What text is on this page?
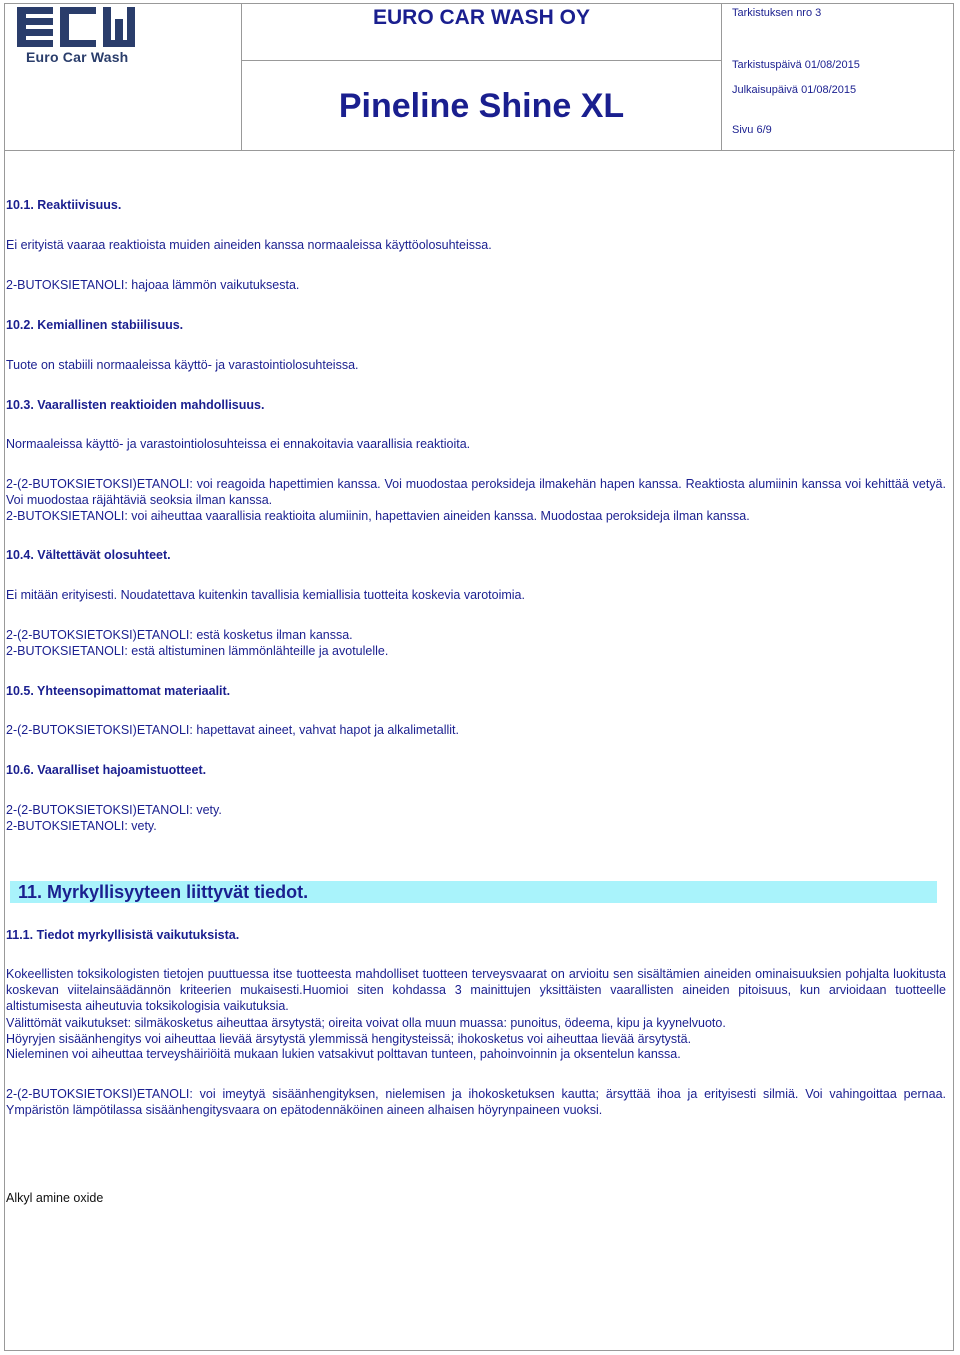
Euro Car Wash
EURO CAR WASH OY
Pineline Shine XL
Tarkistuksen nro 3
Tarkistuspäivä 01/08/2015
Julkaisupäivä 01/08/2015
Sivu 6/9

10.1. Reaktiivisuus.

Ei erityistä vaaraa reaktioista muiden aineiden kanssa normaaleissa käyttöolosuhteissa.

2-BUTOKSIETANOLI: hajoaa lämmön vaikutuksesta.

10.2. Kemiallinen stabiilisuus.

Tuote on stabiili normaaleissa käyttö- ja varastointiolosuhteissa.

10.3. Vaarallisten reaktioiden mahdollisuus.

Normaaleissa käyttö- ja varastointiolosuhteissa ei ennakoitavia vaarallisia reaktioita.

2-(2-BUTOKSIETOKSI)ETANOLI: voi reagoida hapettimien kanssa. Voi muodostaa peroksideja ilmakehän hapen kanssa. Reaktiosta alumiinin kanssa voi kehittää vetyä. Voi muodostaa räjähtäviä seoksia ilman kanssa.

2-BUTOKSIETANOLI: voi aiheuttaa vaarallisia reaktioita alumiinin, hapettavien aineiden kanssa. Muodostaa peroksideja ilman kanssa.

10.4. Vältettävät olosuhteet.

Ei mitään erityisesti. Noudatettava kuitenkin tavallisia kemiallisia tuotteita koskevia varotoimia.

2-(2-BUTOKSIETOKSI)ETANOLI: estä kosketus ilman kanssa.

2-BUTOKSIETANOLI: estä altistuminen lämmönlähteille ja avotulelle.

10.5. Yhteensopimattomat materiaalit.

2-(2-BUTOKSIETOKSI)ETANOLI: hapettavat aineet, vahvat hapot ja alkalimetallit.

10.6. Vaaralliset hajoamistuotteet.

2-(2-BUTOKSIETOKSI)ETANOLI: vety.

2-BUTOKSIETANOLI: vety.

11. Myrkyllisyyteen liittyvät tiedot.

11.1. Tiedot myrkyllisistä vaikutuksista.

Kokeellisten toksikologisten tietojen puuttuessa itse tuotteesta mahdolliset tuotteen terveysvaarat on arvioitu sen sisältämien aineiden ominaisuuksien pohjalta luokitusta koskevan viitelainsäädännön kriteerien mukaisesti.Huomioi siten kohdassa 3 mainittujen yksittäisten vaarallisten aineiden pitoisuus, kun arvioidaan tuotteelle altistumisesta aiheutuvia toksikologisia vaikutuksia.

Välittömät vaikutukset: silmäkosketus aiheuttaa ärsytystä; oireita voivat olla muun muassa: punoitus, ödeema, kipu ja kyynelvuoto.

Höyryjen sisäänhengitys voi aiheuttaa lievää ärsytystä ylemmissä hengitysteissä; ihokosketus voi aiheuttaa lievää ärsytystä.

Nieleminen voi aiheuttaa terveyshäiriöitä mukaan lukien vatsakivut polttavan tunteen, pahoinvoinnin ja oksentelun kanssa.

2-(2-BUTOKSIETOKSI)ETANOLI: voi imeytyä sisäänhengityksen, nielemisen ja ihokosketuksen kautta; ärsyttää ihoa ja erityisesti silmiä. Voi vahingoittaa pernaa. Ympäristön lämpötilassa sisäänhengitysvaara on epätodennäköinen aineen alhaisen höyrynpaineen vuoksi.

Alkyl amine oxide
